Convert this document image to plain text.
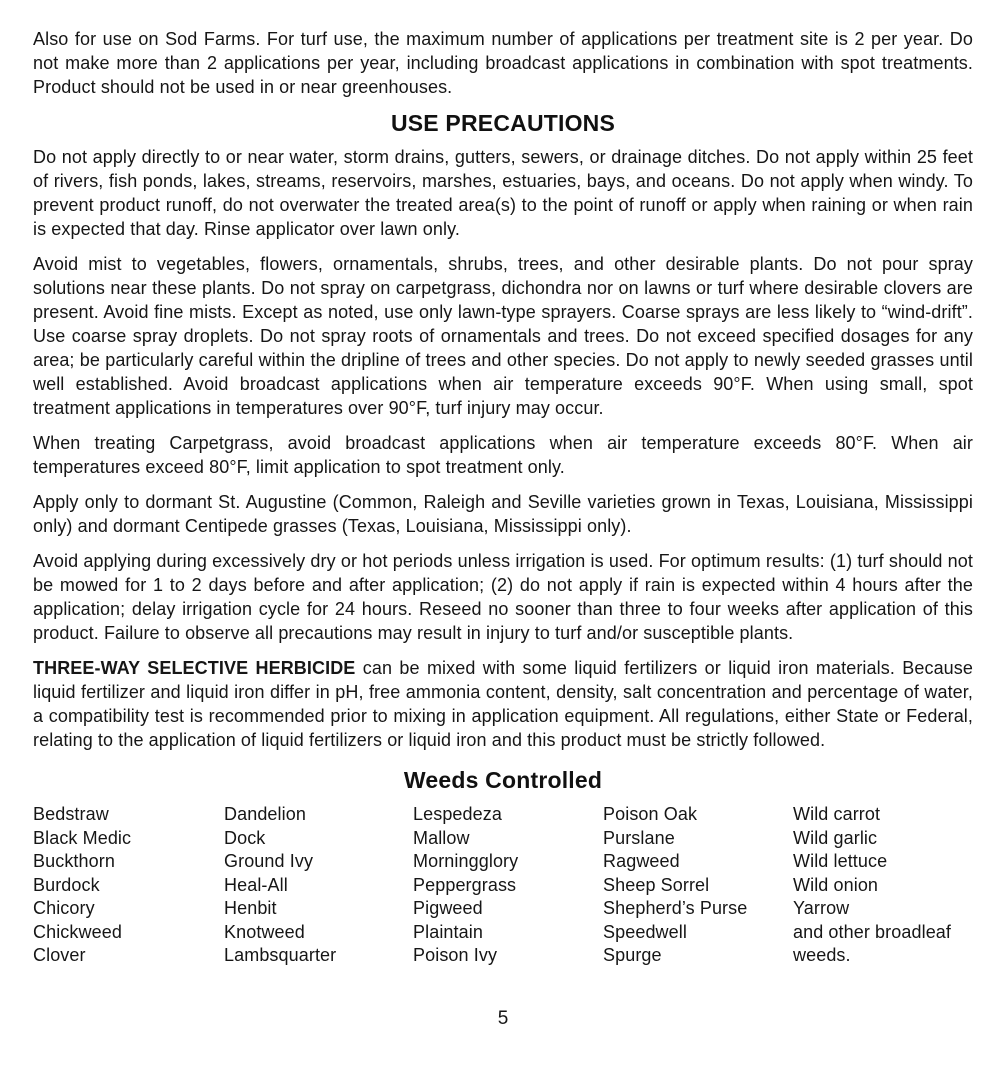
Also for use on Sod Farms. For turf use, the maximum number of applications per treatment site is 2 per year. Do not make more than 2 applications per year, including broadcast applications in combination with spot treatments. Product should not be used in or near greenhouses.

USE PRECAUTIONS

Do not apply directly to or near water, storm drains, gutters, sewers, or drainage ditches. Do not apply within 25 feet of rivers, fish ponds, lakes, streams, reservoirs, marshes, estuaries, bays, and oceans. Do not apply when windy. To prevent product runoff, do not overwater the treated area(s) to the point of runoff or apply when raining or when rain is expected that day. Rinse applicator over lawn only.

Avoid mist to vegetables, flowers, ornamentals, shrubs, trees, and other desirable plants. Do not pour spray solutions near these plants. Do not spray on carpetgrass, dichondra nor on lawns or turf where desirable clovers are present. Avoid fine mists. Except as noted, use only lawn-type sprayers. Coarse sprays are less likely to “wind-drift”. Use coarse spray droplets. Do not spray roots of ornamentals and trees. Do not exceed specified dosages for any area; be particularly careful within the dripline of trees and other species. Do not apply to newly seeded grasses until well established. Avoid broadcast applications when air temperature exceeds 90°F. When using small, spot treatment applications in temperatures over 90°F, turf injury may occur.

When treating Carpetgrass, avoid broadcast applications when air temperature exceeds 80°F. When air temperatures exceed 80°F, limit application to spot treatment only.

Apply only to dormant St. Augustine (Common, Raleigh and Seville varieties grown in Texas, Louisiana, Mississippi only) and dormant Centipede grasses (Texas, Louisiana, Mississippi only).

Avoid applying during excessively dry or hot periods unless irrigation is used. For optimum results: (1) turf should not be mowed for 1 to 2 days before and after application; (2) do not apply if rain is expected within 4 hours after the application; delay irrigation cycle for 24 hours. Reseed no sooner than three to four weeks after application of this product. Failure to observe all precautions may result in injury to turf and/or susceptible plants.

THREE-WAY SELECTIVE HERBICIDE can be mixed with some liquid fertilizers or liquid iron materials. Because liquid fertilizer and liquid iron differ in pH, free ammonia content, density, salt concentration and percentage of water, a compatibility test is recommended prior to mixing in application equipment. All regulations, either State or Federal, relating to the application of liquid fertilizers or liquid iron and this product must be strictly followed.

Weeds Controlled
Bedstraw
Black Medic
Buckthorn
Burdock
Chicory
Chickweed
Clover
Dandelion
Dock
Ground Ivy
Heal-All
Henbit
Knotweed
Lambsquarter
Lespedeza
Mallow
Morningglory
Peppergrass
Pigweed
Plaintain
Poison Ivy
Poison Oak
Purslane
Ragweed
Sheep Sorrel
Shepherd’s Purse
Speedwell
Spurge
Wild carrot
Wild garlic
Wild lettuce
Wild onion
Yarrow
and other broadleaf
weeds.
5
